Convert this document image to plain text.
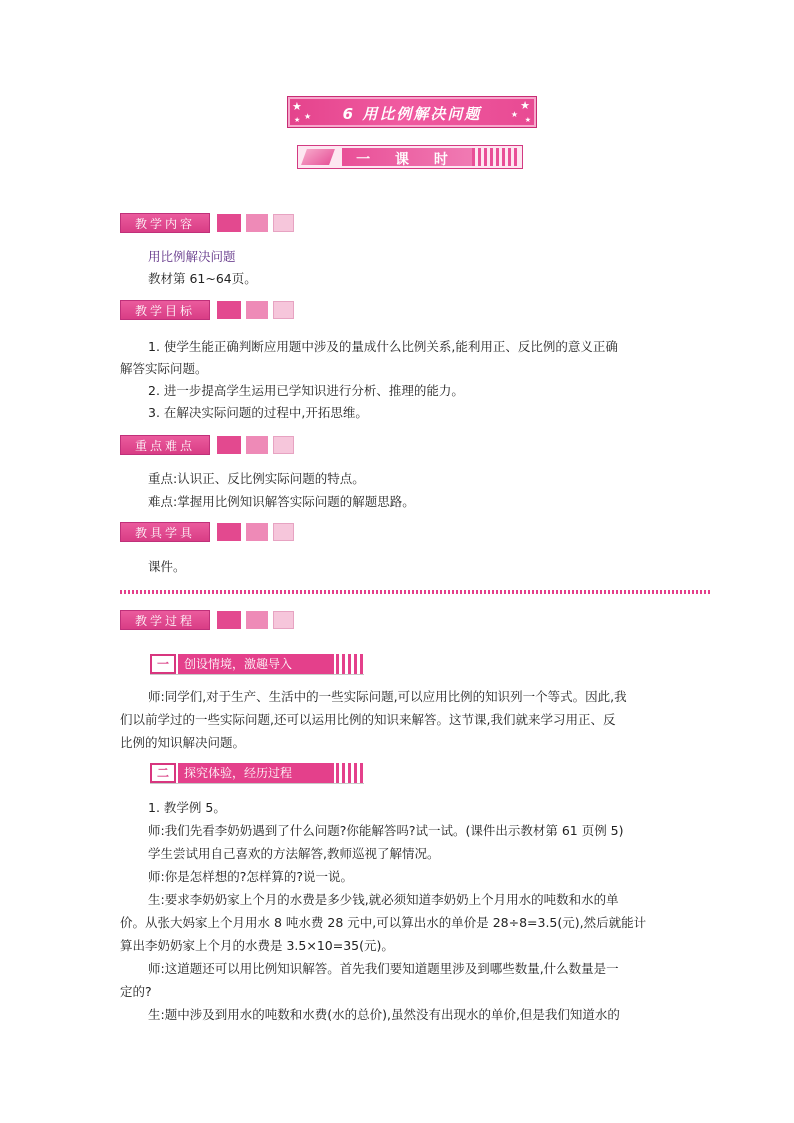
★
★
★
★
★
★
6 用比例解决问题
一 课 时
教学内容
用比例解决问题
教材第 61~64页。
教学目标
1. 使学生能正确判断应用题中涉及的量成什么比例关系,能利用正、反比例的意义正确
解答实际问题。
2. 进一步提高学生运用已学知识进行分析、推理的能力。
3. 在解决实际问题的过程中,开拓思维。
重点难点
重点:认识正、反比例实际问题的特点。
难点:掌握用比例知识解答实际问题的解题思路。
教具学具
课件。
教学过程
一	创设情境，激趣导入
师:同学们,对于生产、生活中的一些实际问题,可以应用比例的知识列一个等式。因此,我
们以前学过的一些实际问题,还可以运用比例的知识来解答。这节课,我们就来学习用正、反
比例的知识解决问题。
二	探究体验，经历过程
1. 教学例 5。
师:我们先看李奶奶遇到了什么问题?你能解答吗?试一试。(课件出示教材第 61 页例 5)
学生尝试用自己喜欢的方法解答,教师巡视了解情况。
师:你是怎样想的?怎样算的?说一说。
生:要求李奶奶家上个月的水费是多少钱,就必须知道李奶奶上个月用水的吨数和水的单
价。从张大妈家上个月用水 8 吨水费 28 元中,可以算出水的单价是 28÷8=3.5(元),然后就能计
算出李奶奶家上个月的水费是 3.5×10=35(元)。
师:这道题还可以用比例知识解答。首先我们要知道题里涉及到哪些数量,什么数量是一
定的?
生:题中涉及到用水的吨数和水费(水的总价),虽然没有出现水的单价,但是我们知道水的
